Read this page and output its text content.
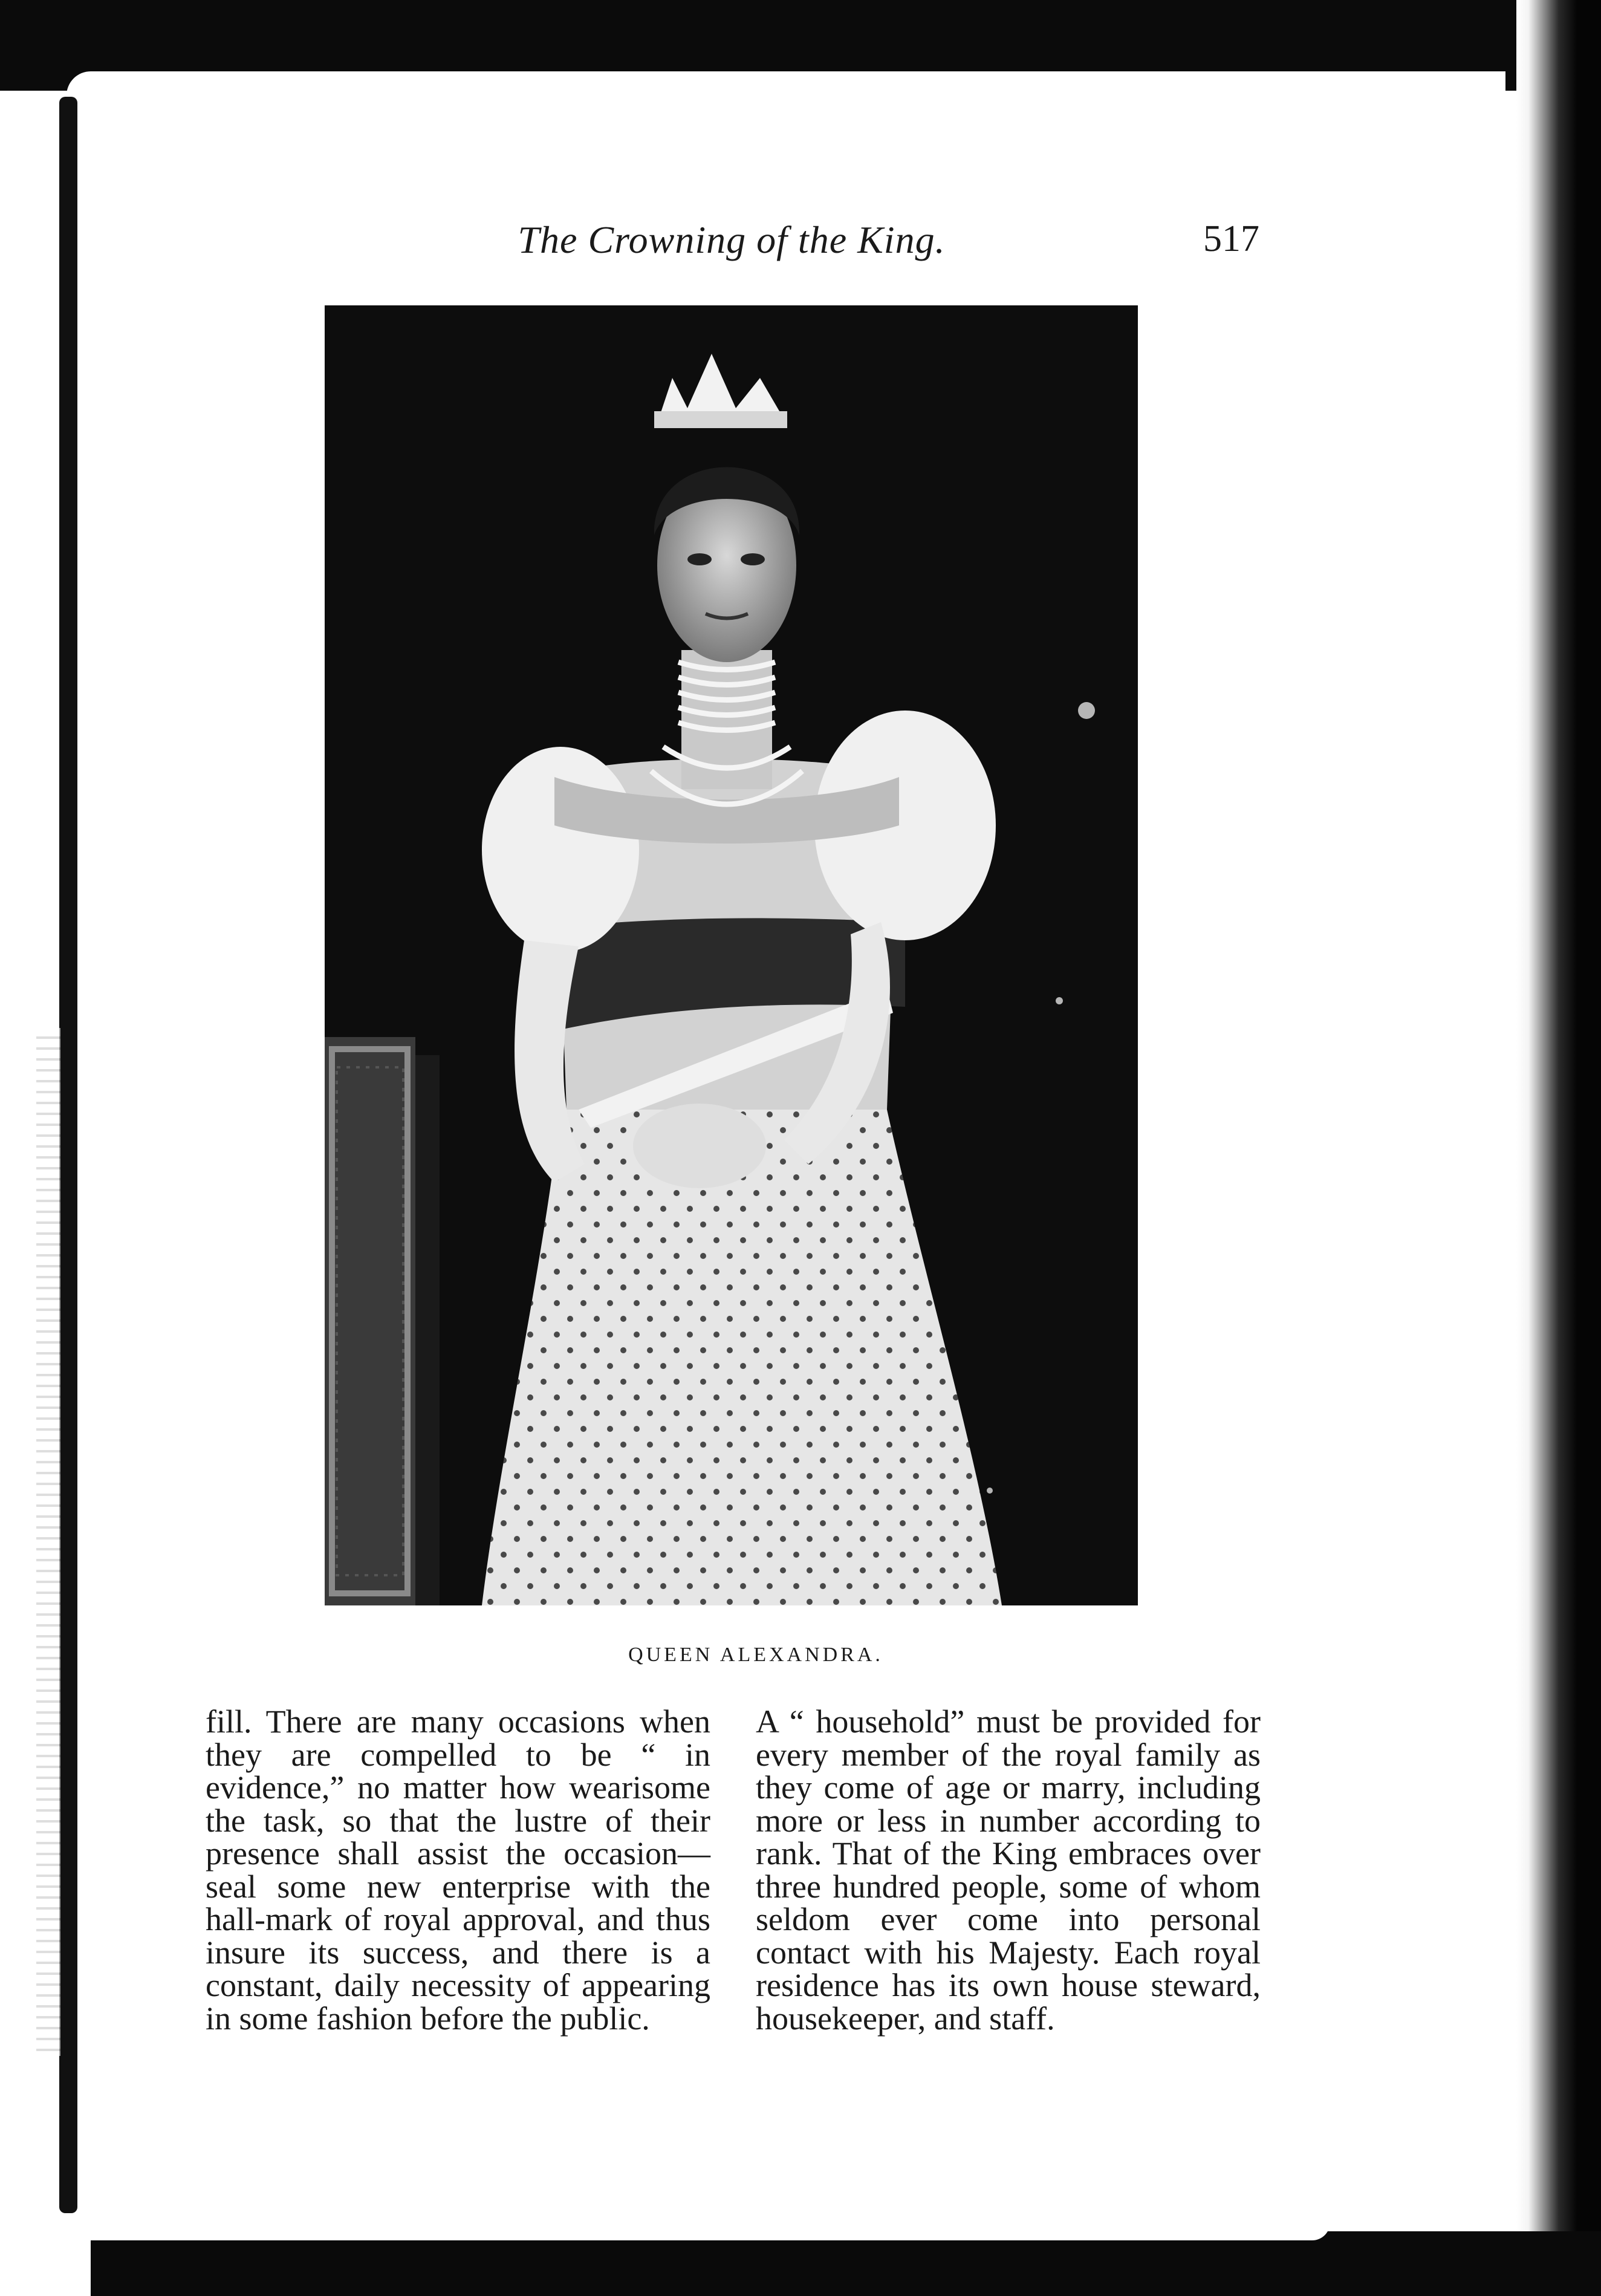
The Crowning of the King.	517
QUEEN ALEXANDRA.

fill. There are many occasions when they are compelled to be “ in evidence,” no matter how wearisome the task, so that the lustre of their presence shall assist the occasion—seal some new enterprise with the hall-mark of royal approval, and thus insure its success, and there is a constant, daily necessity of appearing in some fashion before the public.

A “ household” must be provided for every member of the royal family as they come of age or marry, including more or less in number according to rank. That of the King embraces over three hundred people, some of whom seldom ever come into personal contact with his Majesty. Each royal residence has its own house steward, housekeeper, and staff.
